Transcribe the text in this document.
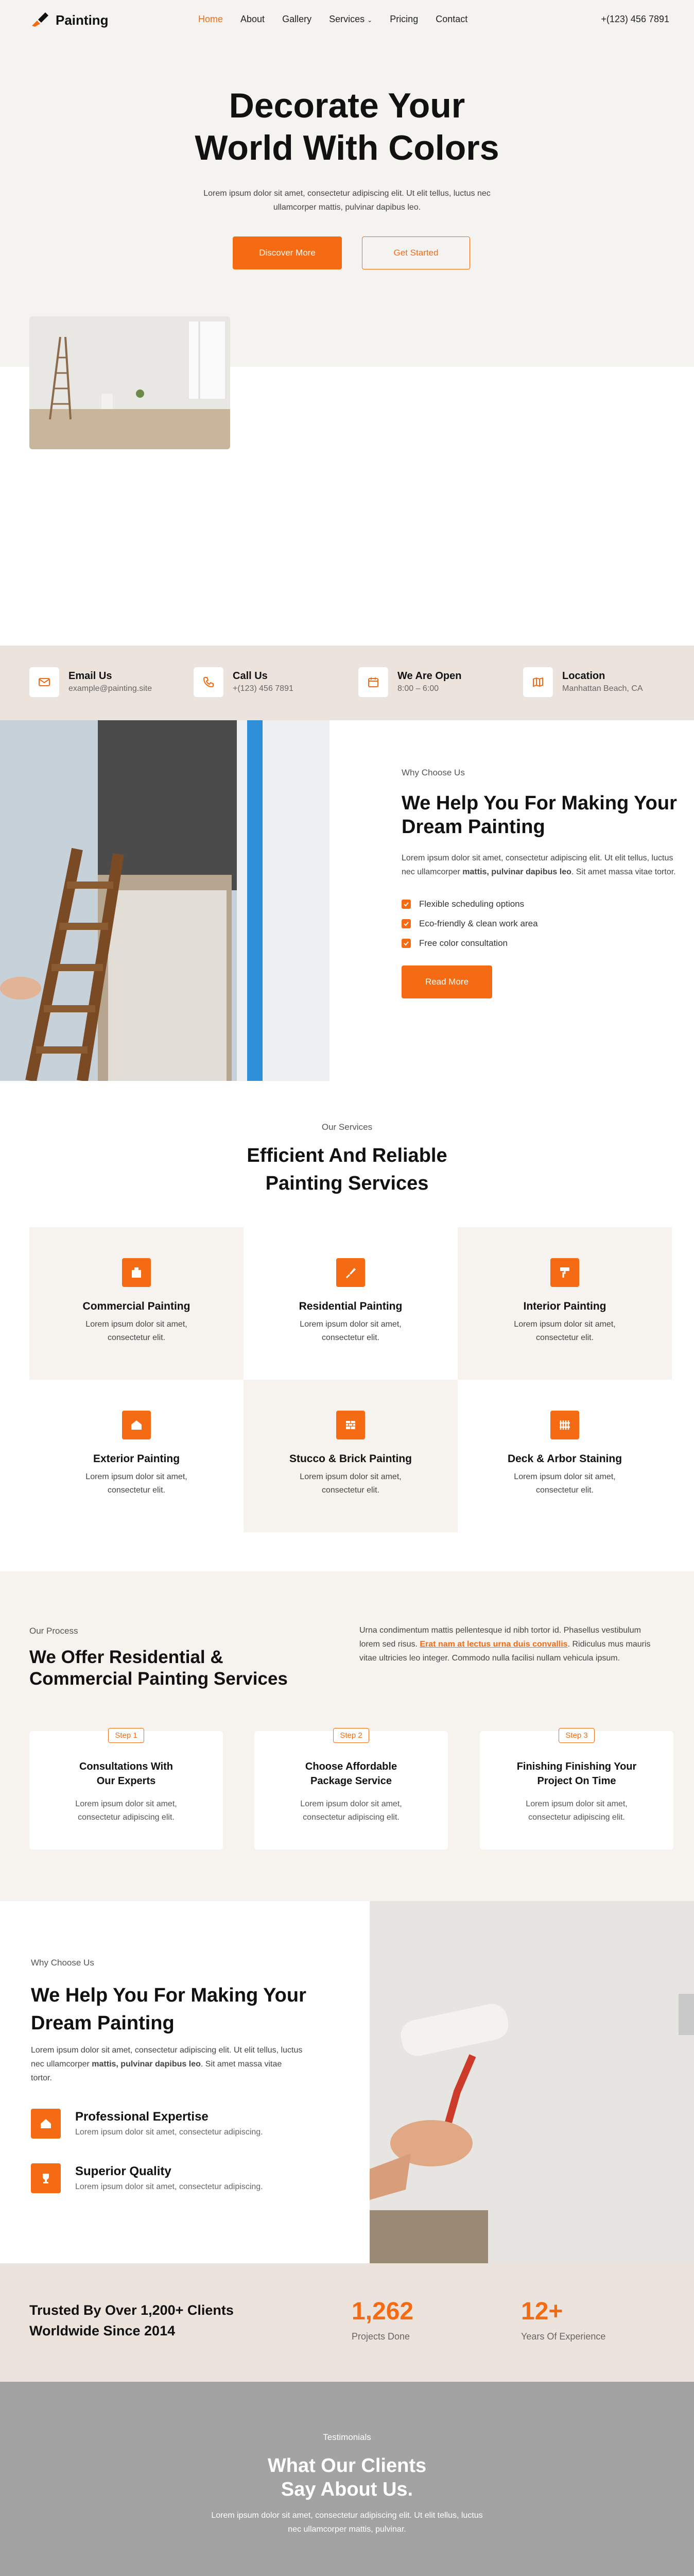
Painting	Home About Gallery Services ⌄ Pricing Contact	+(123) 456 7891
Decorate Your
World With Colors

Lorem ipsum dolor sit amet, consectetur adipiscing elit. Ut elit tellus, luctus nec ullamcorper mattis, pulvinar dapibus leo.

Discover More	Get Started
Email Us
example@painting.site
Call Us
+(123) 456 7891
We Are Open
8:00 – 6:00
Location
Manhattan Beach, CA
Why Choose Us
We Help You For Making Your Dream Painting

Lorem ipsum dolor sit amet, consectetur adipiscing elit. Ut elit tellus, luctus nec ullamcorper mattis, pulvinar dapibus leo. Sit amet massa vitae tortor.

Flexible scheduling options
Eco-friendly & clean work area
Free color consultation
Read More
Our Services
Efficient And Reliable
Painting Services
Commercial Painting

Lorem ipsum dolor sit amet, consectetur elit.

Residential Painting

Lorem ipsum dolor sit amet, consectetur elit.

Interior Painting

Lorem ipsum dolor sit amet, consectetur elit.

Exterior Painting

Lorem ipsum dolor sit amet, consectetur elit.

Stucco & Brick Painting

Lorem ipsum dolor sit amet, consectetur elit.

Deck & Arbor Staining

Lorem ipsum dolor sit amet, consectetur elit.

Our Process
We Offer Residential &
Commercial Painting Services

Urna condimentum mattis pellentesque id nibh tortor id. Phasellus vestibulum lorem sed risus. Erat nam at lectus urna duis convallis. Ridiculus mus mauris vitae ultricies leo integer. Commodo nulla facilisi nullam vehicula ipsum.

Step 1
Consultations With
Our Experts

Lorem ipsum dolor sit amet, consectetur adipiscing elit.

Step 2
Choose Affordable
Package Service

Lorem ipsum dolor sit amet, consectetur adipiscing elit.

Step 3
Finishing Finishing Your
Project On Time

Lorem ipsum dolor sit amet, consectetur adipiscing elit.

Why Choose Us
We Help You For Making Your
Dream Painting

Lorem ipsum dolor sit amet, consectetur adipiscing elit. Ut elit tellus, luctus nec ullamcorper mattis, pulvinar dapibus leo. Sit amet massa vitae tortor.

Professional Expertise
Lorem ipsum dolor sit amet, consectetur adipiscing.
Superior Quality
Lorem ipsum dolor sit amet, consectetur adipiscing.
Trusted By Over 1,200+ Clients
Worldwide Since 2014
1,262
Projects Done
12+
Years Of Experience
Testimonials
What Our Clients
Say About Us.

Lorem ipsum dolor sit amet, consectetur adipiscing elit. Ut elit tellus, luctus nec ullamcorper mattis, pulvinar.
